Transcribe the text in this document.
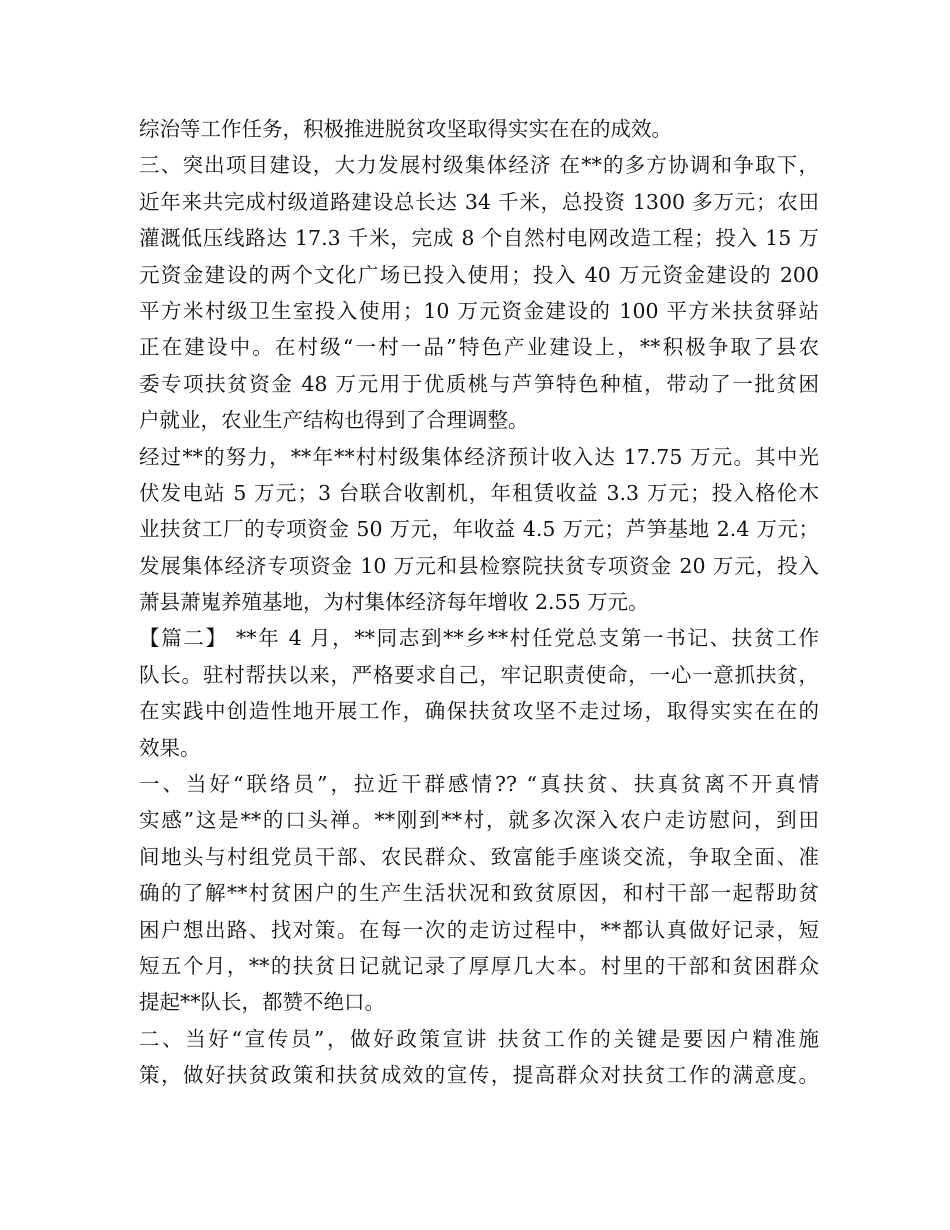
综治等工作任务，积极推进脱贫攻坚取得实实在在的成效。
三、突出项目建设，大力发展村级集体经济 在**的多方协调和争取下，
近年来共完成村级道路建设总长达 34 千米，总投资 1300 多万元；农田
灌溉低压线路达 17.3 千米，完成 8 个自然村电网改造工程；投入 15 万
元资金建设的两个文化广场已投入使用；投入 40 万元资金建设的 200
平方米村级卫生室投入使用；10 万元资金建设的 100 平方米扶贫驿站
正在建设中。在村级“一村一品”特色产业建设上，**积极争取了县农
委专项扶贫资金 48 万元用于优质桃与芦笋特色种植，带动了一批贫困
户就业，农业生产结构也得到了合理调整。
经过**的努力，**年**村村级集体经济预计收入达 17.75 万元。其中光
伏发电站 5 万元；3 台联合收割机，年租赁收益 3.3 万元；投入格伦木
业扶贫工厂的专项资金 50 万元，年收益 4.5 万元；芦笋基地 2.4 万元；
发展集体经济专项资金 10 万元和县检察院扶贫专项资金 20 万元，投入
萧县萧嵬养殖基地，为村集体经济每年增收 2.55 万元。
【篇二】 **年 4 月，**同志到**乡**村任党总支第一书记、扶贫工作
队长。驻村帮扶以来，严格要求自己，牢记职责使命，一心一意抓扶贫，
在实践中创造性地开展工作，确保扶贫攻坚不走过场，取得实实在在的
效果。
一、当好“联络员”，拉近干群感情?? “真扶贫、扶真贫离不开真情
实感”这是**的口头禅。**刚到**村，就多次深入农户走访慰问，到田
间地头与村组党员干部、农民群众、致富能手座谈交流，争取全面、准
确的了解**村贫困户的生产生活状况和致贫原因，和村干部一起帮助贫
困户想出路、找对策。在每一次的走访过程中，**都认真做好记录，短
短五个月，**的扶贫日记就记录了厚厚几大本。村里的干部和贫困群众
提起**队长，都赞不绝口。
二、当好“宣传员”，做好政策宣讲 扶贫工作的关键是要因户精准施
策，做好扶贫政策和扶贫成效的宣传，提高群众对扶贫工作的满意度。
